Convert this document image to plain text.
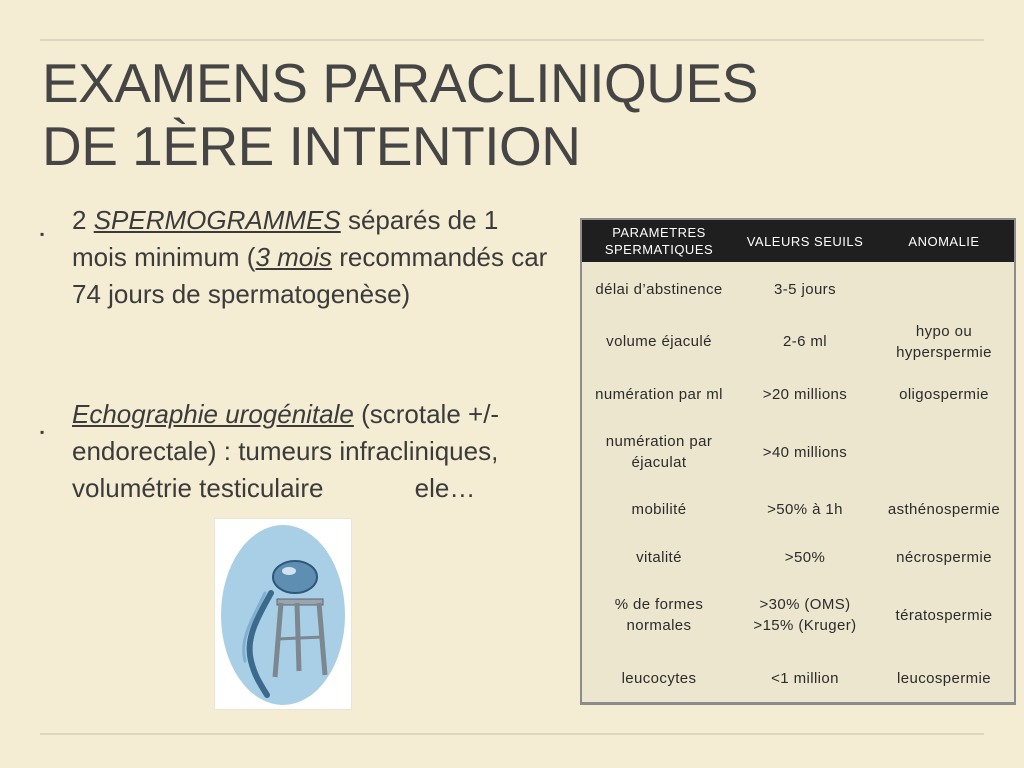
EXAMENS PARACLINIQUES
DE 1ÈRE INTENTION
▪ 2 SPERMOGRAMMES séparés de 1 mois minimum (3 mois recommandés car 74 jours de spermatogenèse)
▪
Echographie urogénitale (scrotale +/- endorectale) : tumeurs infracliniques, volumétrie testiculaire	ele…
PARAMETRES SPERMATIQUES	VALEURS SEUILS	ANOMALIE
délai d’abstinence	3-5 jours	
volume éjaculé	2-6 ml	hypo ou hyperspermie
numération par ml	>20 millions	oligospermie
numération par éjaculat	>40 millions	
mobilité	>50% à 1h	asthénospermie
vitalité	>50%	nécrospermie
% de formes normales	>30% (OMS) >15% (Kruger)	tératospermie
leucocytes	<1 million	leucospermie
